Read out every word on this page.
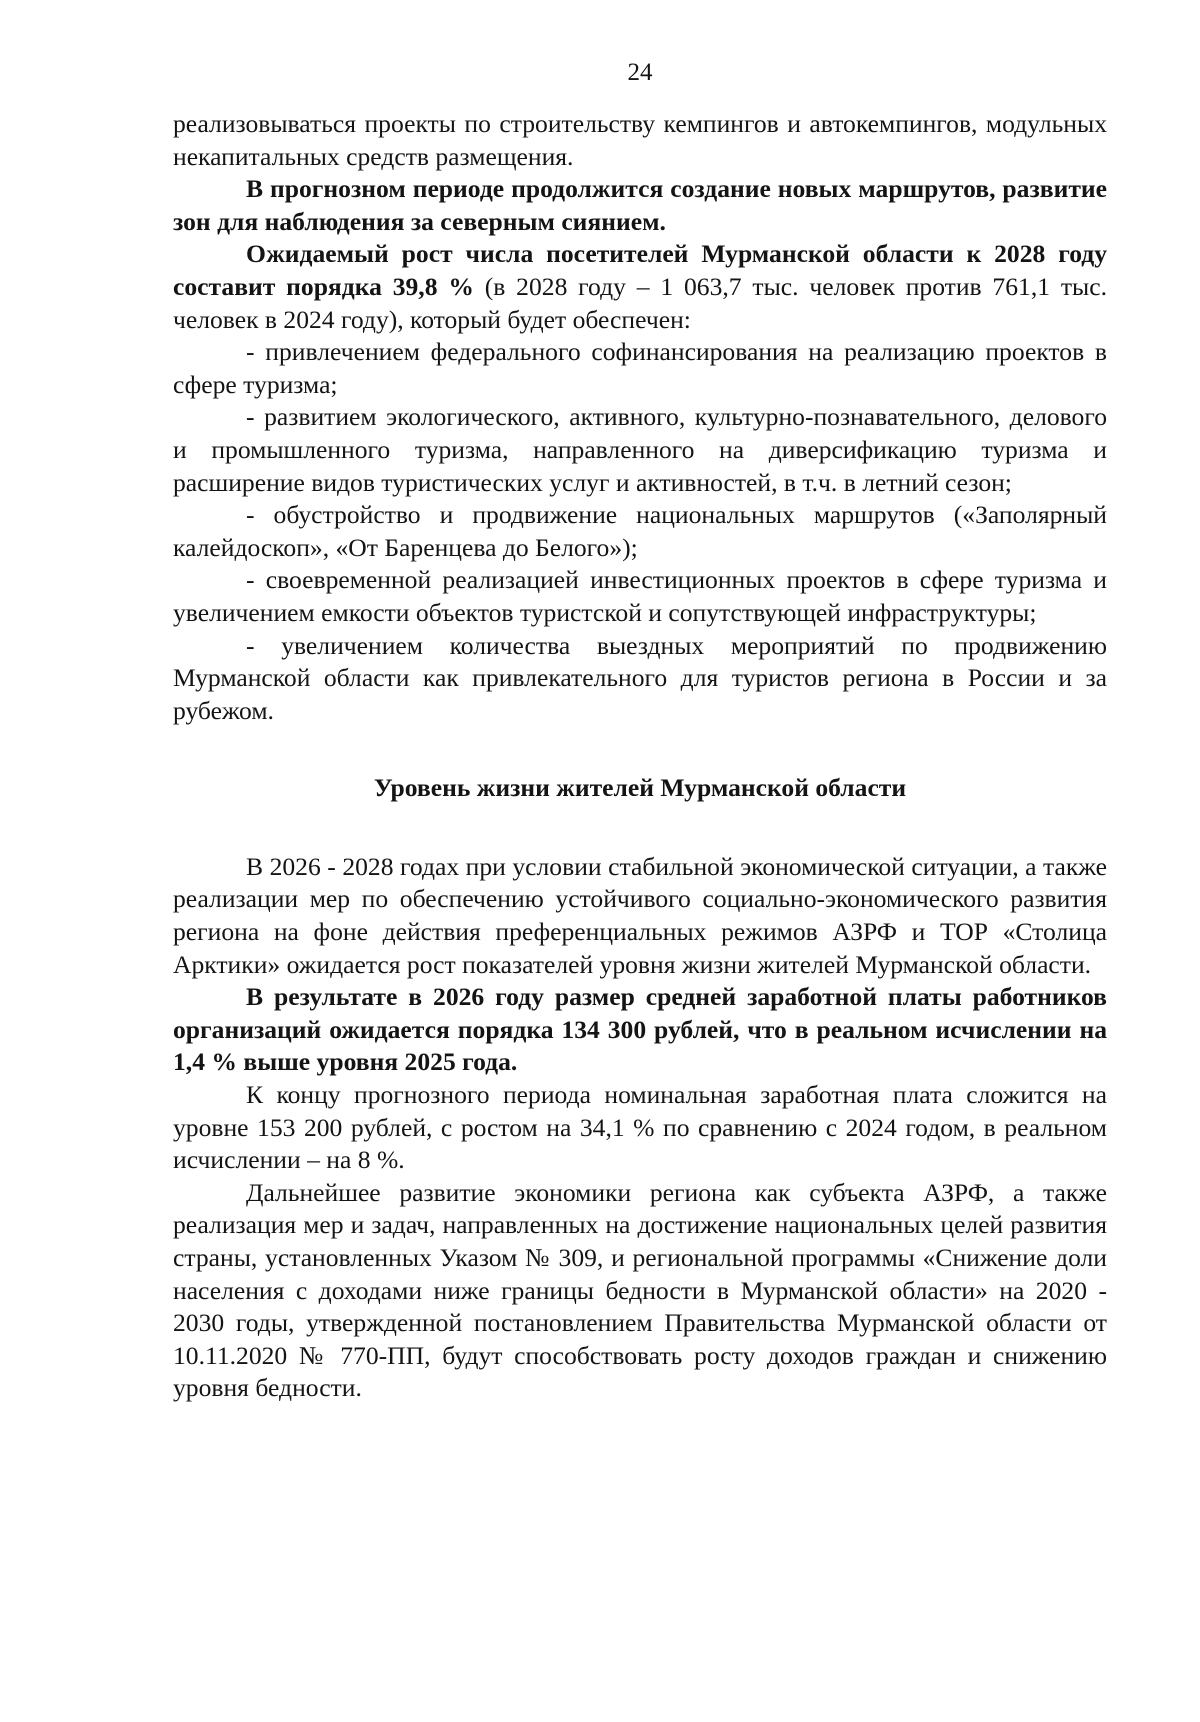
24

реализовываться проекты по строительству кемпингов и автокемпингов, модульных некапитальных средств размещения.

В прогнозном периоде продолжится создание новых маршрутов, развитие зон для наблюдения за северным сиянием.

Ожидаемый рост числа посетителей Мурманской области к 2028 году составит порядка 39,8 % (в 2028 году – 1 063,7 тыс. человек против 761,1 тыс. человек в 2024 году), который будет обеспечен:

- привлечением федерального софинансирования на реализацию проектов в сфере туризма;

- развитием экологического, активного, культурно-познавательного, делового и промышленного туризма, направленного на диверсификацию туризма и расширение видов туристических услуг и активностей, в т.ч. в летний сезон;

- обустройство и продвижение национальных маршрутов («Заполярный калейдоскоп», «От Баренцева до Белого»);

- своевременной реализацией инвестиционных проектов в сфере туризма и увеличением емкости объектов туристской и сопутствующей инфраструктуры;

- увеличением количества выездных мероприятий по продвижению Мурманской области как привлекательного для туристов региона в России и за рубежом.

Уровень жизни жителей Мурманской области

В 2026 - 2028 годах при условии стабильной экономической ситуации, а также реализации мер по обеспечению устойчивого социально-экономического развития региона на фоне действия преференциальных режимов АЗРФ и ТОР «Столица Арктики» ожидается рост показателей уровня жизни жителей Мурманской области.

В результате в 2026 году размер средней заработной платы работников организаций ожидается порядка 134 300 рублей, что в реальном исчислении на 1,4 % выше уровня 2025 года.

К концу прогнозного периода номинальная заработная плата сложится на уровне 153 200 рублей, с ростом на 34,1 % по сравнению с 2024 годом, в реальном исчислении – на 8 %.

Дальнейшее развитие экономики региона как субъекта АЗРФ, а также реализация мер и задач, направленных на достижение национальных целей развития страны, установленных Указом № 309, и региональной программы «Снижение доли населения с доходами ниже границы бедности в Мурманской области» на 2020 - 2030 годы, утвержденной постановлением Правительства Мурманской области от 10.11.2020 № 770-ПП, будут способствовать росту доходов граждан и снижению уровня бедности.
